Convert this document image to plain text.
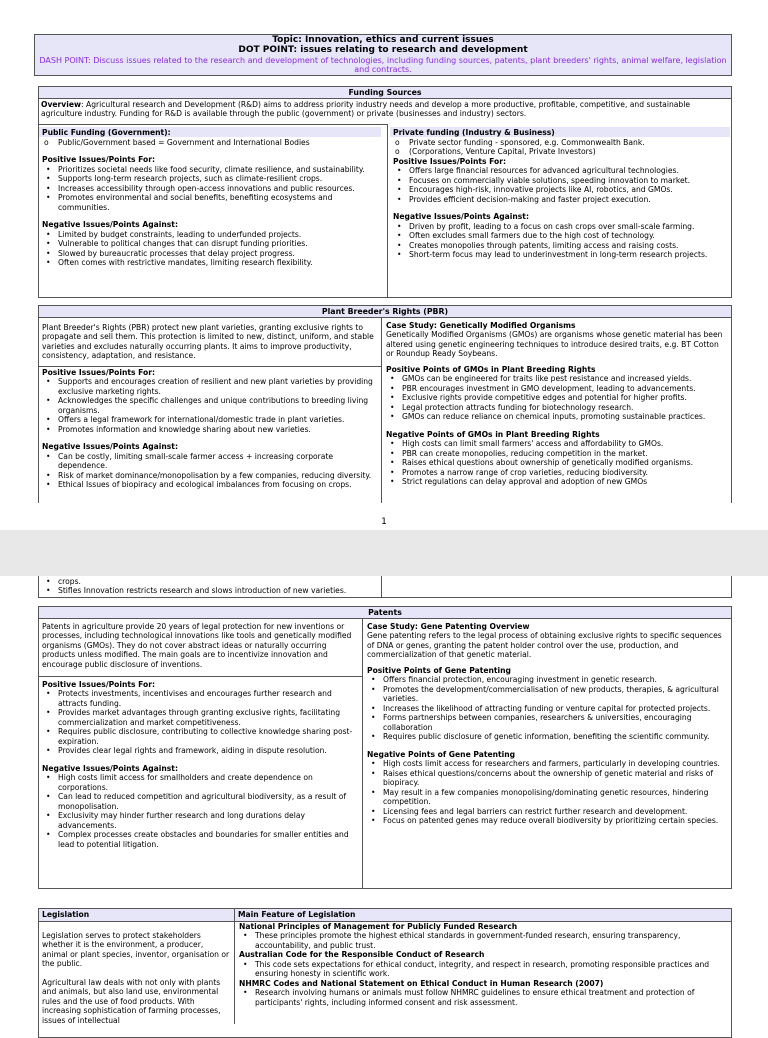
Topic: Innovation, ethics and current issues
DOT POINT: issues relating to research and development
DASH POINT: Discuss issues related to the research and development of technologies, including funding sources, patents, plant breeders' rights, animal welfare, legislation and contracts.
Funding Sources
Overview: Agricultural research and Development (R&D) aims to address priority industry needs and develop a more productive, profitable, competitive, and sustainable agriculture industry. Funding for R&D is available through the public (government) or private (businesses and industry) sectors.
Public Funding (Government):
o Public/Government based = Government and International Bodies
Positive Issues/Points For:
• Prioritizes societal needs like food security, climate resilience, and sustainability.
• Supports long-term research projects, such as climate-resilient crops.
• Increases accessibility through open-access innovations and public resources.
• Promotes environmental and social benefits, benefiting ecosystems and communities.
Negative Issues/Points Against:
• Limited by budget constraints, leading to underfunded projects.
• Vulnerable to political changes that can disrupt funding priorities.
• Slowed by bureaucratic processes that delay project progress.
• Often comes with restrictive mandates, limiting research flexibility.
Private funding (Industry & Business)
o Private sector funding - sponsored, e.g. Commonwealth Bank.
o (Corporations, Venture Capital, Private Investors)
Positive Issues/Points For:
• Offers large financial resources for advanced agricultural technologies.
• Focuses on commercially viable solutions, speeding innovation to market.
• Encourages high-risk, innovative projects like AI, robotics, and GMOs.
• Provides efficient decision-making and faster project execution.
Negative Issues/Points Against:
• Driven by profit, leading to a focus on cash crops over small-scale farming.
• Often excludes small farmers due to the high cost of technology.
• Creates monopolies through patents, limiting access and raising costs.
• Short-term focus may lead to underinvestment in long-term research projects.
Plant Breeder's Rights (PBR)
Plant Breeder's Rights (PBR) protect new plant varieties, granting exclusive rights to propagate and sell them. This protection is limited to new, distinct, uniform, and stable varieties and excludes naturally occurring plants. It aims to improve productivity, consistency, adaptation, and resistance.
Positive Issues/Points For:
• Supports and encourages creation of resilient and new plant varieties by providing exclusive marketing rights.
• Acknowledges the specific challenges and unique contributions to breeding living organisms.
• Offers a legal framework for international/domestic trade in plant varieties.
• Promotes information and knowledge sharing about new varieties.
Negative Issues/Points Against:
• Can be costly, limiting small-scale farmer access + increasing corporate dependence.
• Risk of market dominance/monopolisation by a few companies, reducing diversity.
• Ethical Issues of biopiracy and ecological imbalances from focusing on crops.
Case Study: Genetically Modified Organisms

Genetically Modified Organisms (GMOs) are organisms whose genetic material has been altered using genetic engineering techniques to introduce desired traits, e.g. BT Cotton or Roundup Ready Soybeans.

Positive Points of GMOs in Plant Breeding Rights
• GMOs can be engineered for traits like pest resistance and increased yields.
• PBR encourages investment in GMO development, leading to advancements.
• Exclusive rights provide competitive edges and potential for higher profits.
• Legal protection attracts funding for biotechnology research.
• GMOs can reduce reliance on chemical inputs, promoting sustainable practices.
Negative Points of GMOs in Plant Breeding Rights
• High costs can limit small farmers' access and affordability to GMOs.
• PBR can create monopolies, reducing competition in the market.
• Raises ethical questions about ownership of genetically modified organisms.
• Promotes a narrow range of crop varieties, reducing biodiversity.
• Strict regulations can delay approval and adoption of new GMOs
1
• crops.
• Stifles Innovation restricts research and slows introduction of new varieties.
Patents
Patents in agriculture provide 20 years of legal protection for new inventions or processes, including technological innovations like tools and genetically modified organisms (GMOs). They do not cover abstract ideas or naturally occurring products unless modified. The main goals are to incentivize innovation and encourage public disclosure of inventions.
Positive Issues/Points For:
• Protects investments, incentivises and encourages further research and attracts funding.
• Provides market advantages through granting exclusive rights, facilitating commercialization and market competitiveness.
• Requires public disclosure, contributing to collective knowledge sharing post-expiration.
• Provides clear legal rights and framework, aiding in dispute resolution.
Negative Issues/Points Against:
• High costs limit access for smallholders and create dependence on corporations.
• Can lead to reduced competition and agricultural biodiversity, as a result of monopolisation.
• Exclusivity may hinder further research and long durations delay advancements.
• Complex processes create obstacles and boundaries for smaller entities and lead to potential litigation.
Case Study: Gene Patenting Overview

Gene patenting refers to the legal process of obtaining exclusive rights to specific sequences of DNA or genes, granting the patent holder control over the use, production, and commercialization of that genetic material.

Positive Points of Gene Patenting
• Offers financial protection, encouraging investment in genetic research.
• Promotes the development/commercialisation of new products, therapies, & agricultural varieties.
• Increases the likelihood of attracting funding or venture capital for protected projects.
• Forms partnerships between companies, researchers & universities, encouraging collaboration
• Requires public disclosure of genetic information, benefiting the scientific community.
Negative Points of Gene Patenting
• High costs limit access for researchers and farmers, particularly in developing countries.
• Raises ethical questions/concerns about the ownership of genetic material and risks of biopiracy.
• May result in a few companies monopolising/dominating genetic resources, hindering competition.
• Licensing fees and legal barriers can restrict further research and development.
• Focus on patented genes may reduce overall biodiversity by prioritizing certain species.
Legislation	Main Feature of Legislation

Legislation serves to protect stakeholders whether it is the environment, a producer, animal or plant species, inventor, organisation or the public.

Agricultural law deals with not only with plants and animals, but also land use, environmental rules and the use of food products. With increasing sophistication of farming processes, issues of intellectual

National Principles of Management for Publicly Funded Research
• These principles promote the highest ethical standards in government-funded research, ensuring transparency, accountability, and public trust.
Australian Code for the Responsible Conduct of Research
• This code sets expectations for ethical conduct, integrity, and respect in research, promoting responsible practices and ensuring honesty in scientific work.
NHMRC Codes and National Statement on Ethical Conduct in Human Research (2007)
• Research involving humans or animals must follow NHMRC guidelines to ensure ethical treatment and protection of participants' rights, including informed consent and risk assessment.
